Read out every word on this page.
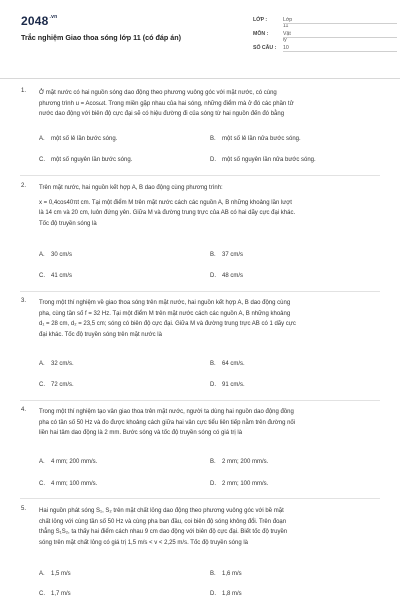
$2048^{.vn}$
Trắc nghiệm Giao thoa sóng lớp 11 (có đáp án)
LỚP :	Lớp 11
MÔN :	Vật lý
SỐ CÂU :	10
1. Ở mặt nước có hai nguồn sóng dao động theo phương vuông góc với mặt nước, có cùng
phương trình u = Acosωt. Trong miền gặp nhau của hai sóng, những điểm mà ở đó các phần tử
nước dao động với biên độ cực đại sẽ có hiệu đường đi của sóng từ hai nguồn đến đó bằng
A. một số lẻ lần bước sóng.	B. một số lẻ lần nửa bước sóng.
C. một số nguyên lần bước sóng.	D. một số nguyên lần nửa bước sóng.
2. Trên mặt nước, hai nguồn kết hợp A, B dao động cùng phương trình:
x = 0,4cos40πt cm. Tại một điểm M trên mặt nước cách các nguồn A, B những khoảng lần lượt
là 14 cm và 20 cm, luôn đứng yên. Giữa M và đường trung trực của AB có hai dãy cực đại khác.
Tốc độ truyền sóng là
A. 30 cm/s	B. 37 cm/s
C. 41 cm/s	D. 48 cm/s
3. Trong một thí nghiệm về giao thoa sóng trên mặt nước, hai nguồn kết hợp A, B dao động cùng
pha, cùng tần số f = 32 Hz. Tại một điểm M trên mặt nước cách các nguồn A, B những khoảng
d₁ = 28 cm, d₂ = 23,5 cm; sóng có biên độ cực đại. Giữa M và đường trung trực AB có 1 dãy cực
đại khác. Tốc độ truyền sóng trên mặt nước là
A. 32 cm/s.	B. 64 cm/s.
C. 72 cm/s.	D. 91 cm/s.
4. Trong một thí nghiệm tạo vân giao thoa trên mặt nước, người ta dùng hai nguồn dao động đồng
pha có tần số 50 Hz và đo được khoảng cách giữa hai vân cực tiểu liên tiếp nằm trên đường nối
liền hai tâm dao động là 2 mm. Bước sóng và tốc độ truyền sóng có giá trị là
A. 4 mm; 200 mm/s.	B. 2 mm; 200 mm/s.
C. 4 mm; 100 mm/s.	D. 2 mm; 100 mm/s.
5. Hai nguồn phát sóng S₁, S₂ trên mặt chất lỏng dao động theo phương vuông góc với bề mặt
chất lỏng với cùng tần số 50 Hz và cùng pha ban đầu, coi biên độ sóng không đổi. Trên đoạn
thẳng S₁S₂, ta thấy hai điểm cách nhau 9 cm dao động với biên độ cực đại. Biết tốc độ truyền
sóng trên mặt chất lỏng có giá trị 1,5 m/s < v < 2,25 m/s. Tốc độ truyền sóng là
A. 1,5 m/s	B. 1,6 m/s
C. 1,7 m/s	D. 1,8 m/s
